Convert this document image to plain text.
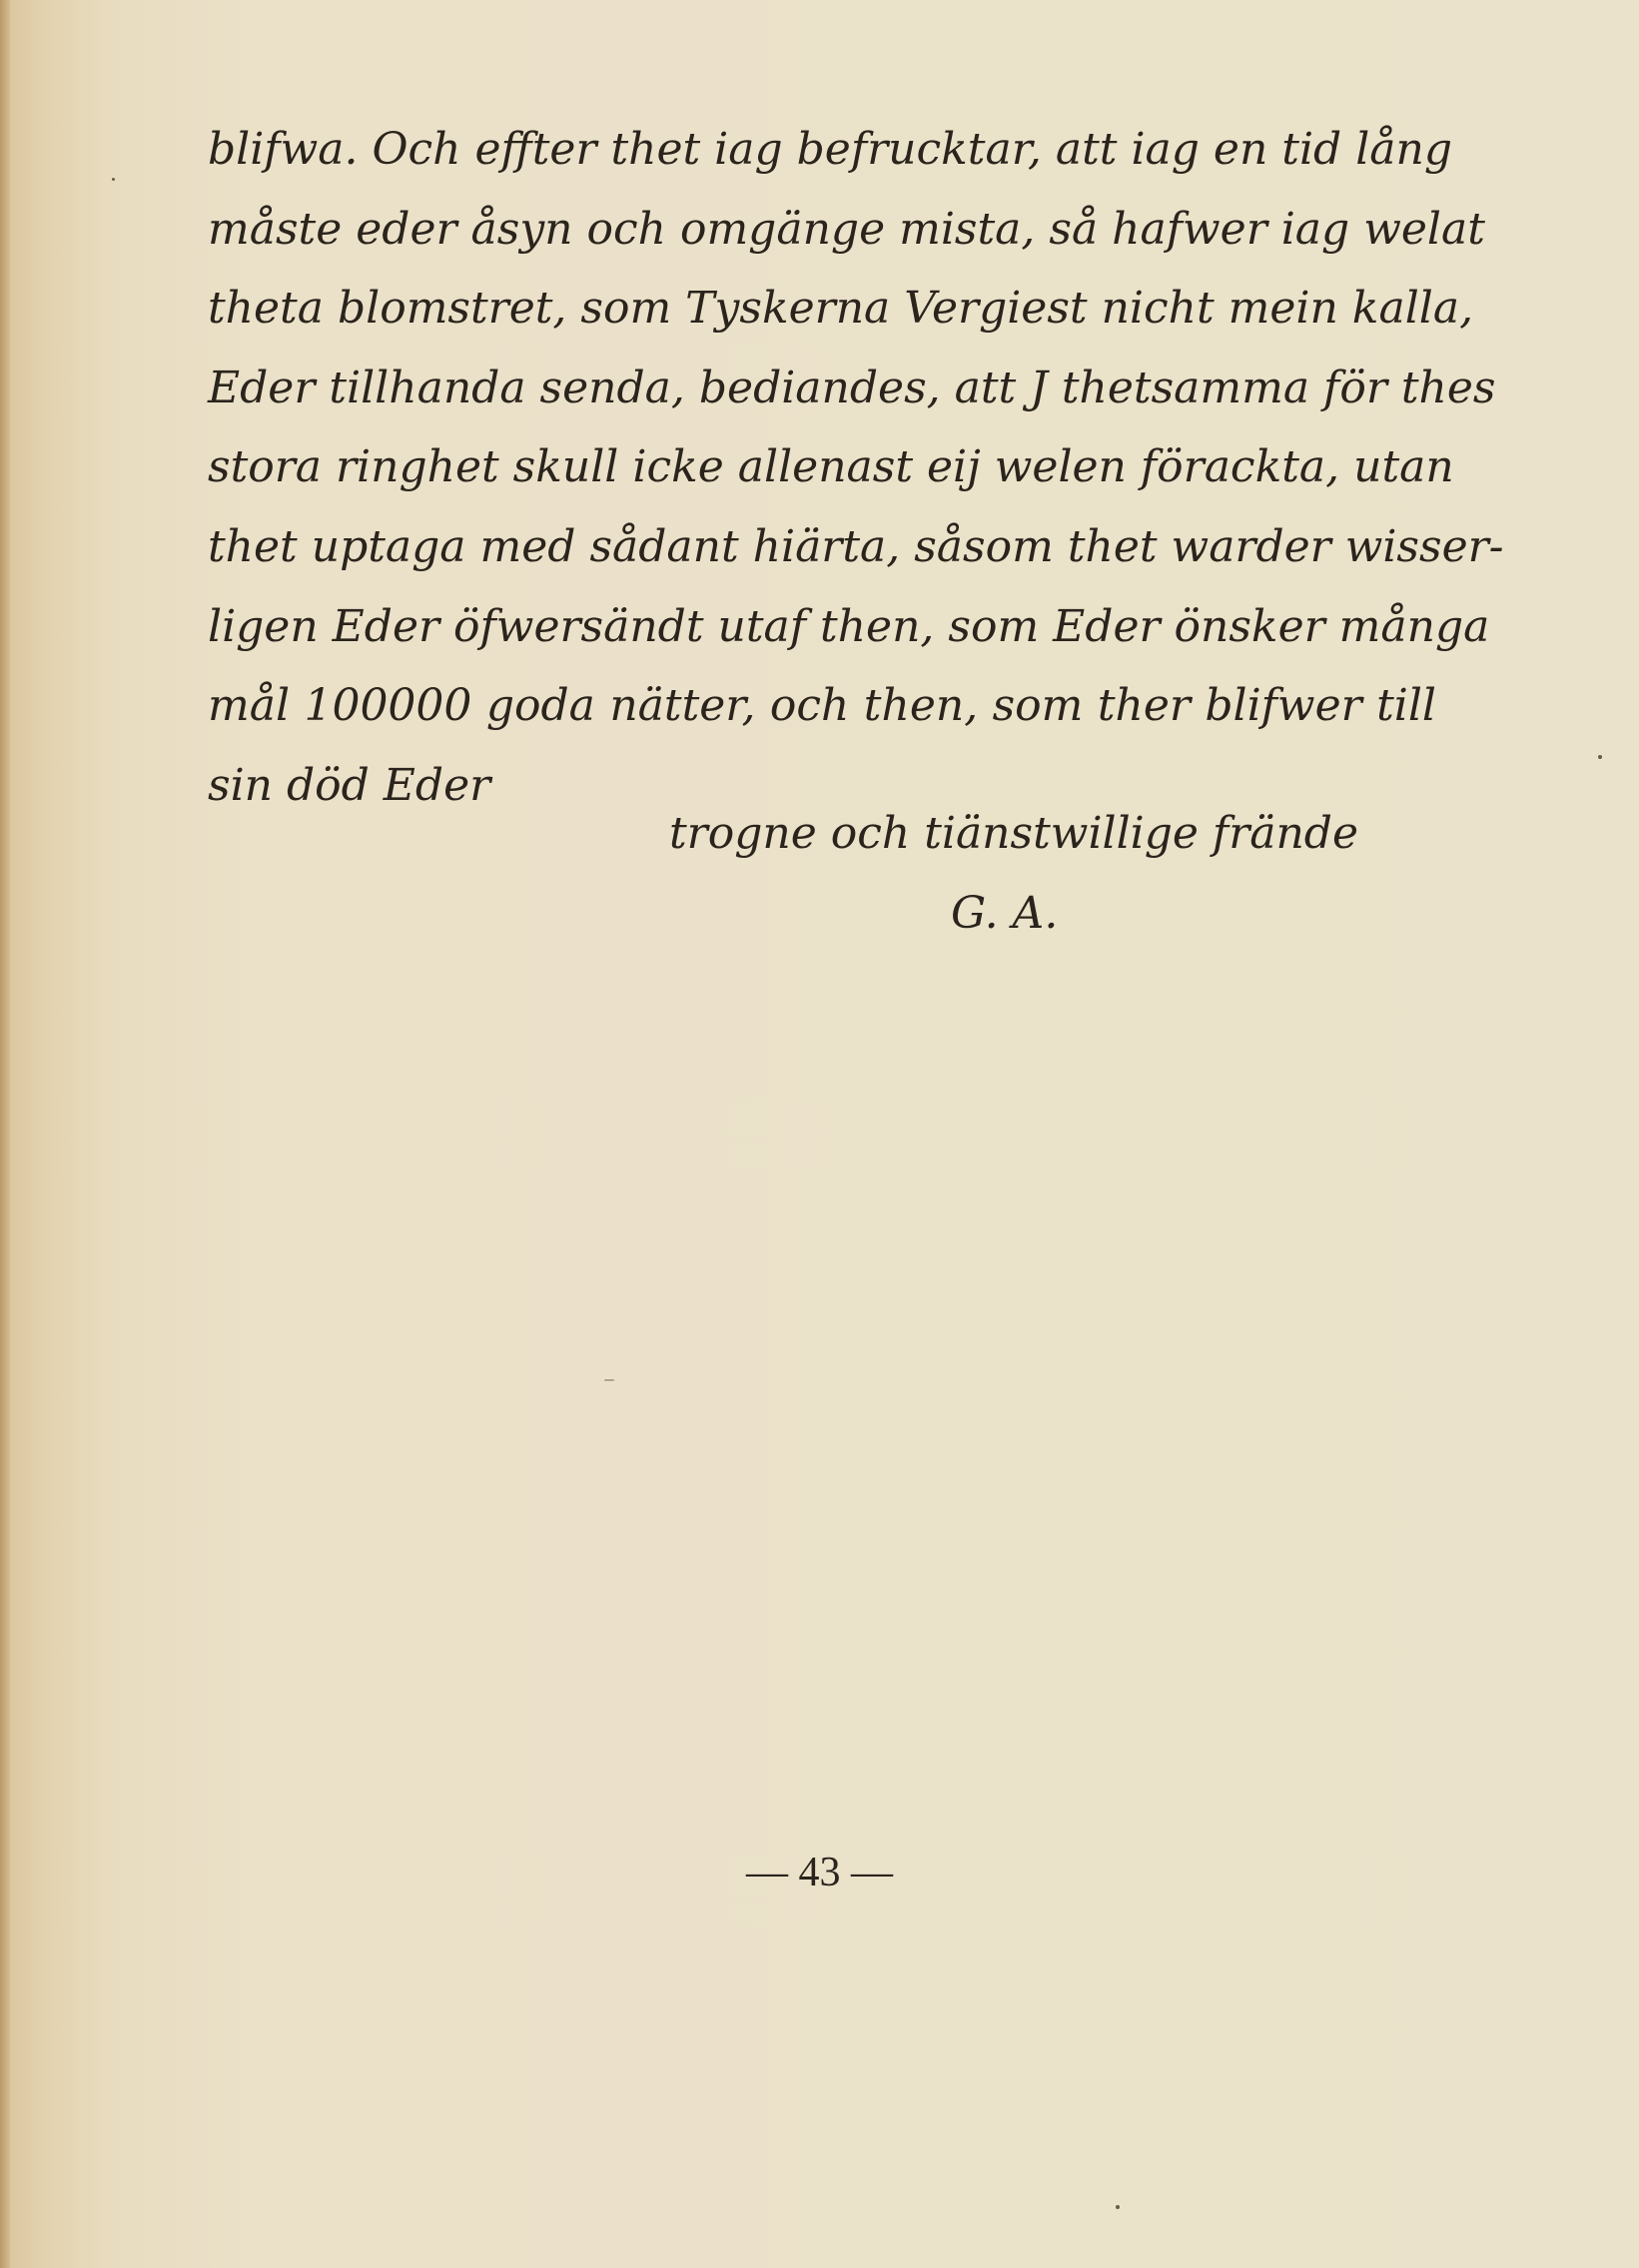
blifwa. Och effter thet iag befrucktar, att iag en tid lång
måste eder åsyn och omgänge mista, så hafwer iag welat
theta blomstret, som Tyskerna Vergiest nicht mein kalla,
Eder tillhanda senda, bediandes, att J thetsamma för thes
stora ringhet skull icke allenast eij welen förackta, utan
thet uptaga med sådant hiärta, såsom thet warder wisser-
ligen Eder öfwersändt utaf then, som Eder önsker många
mål 100000 goda nätter, och then, som ther blifwer till
sin död Eder
trogne och tiänstwillige frände
G. A.
— 43 —
